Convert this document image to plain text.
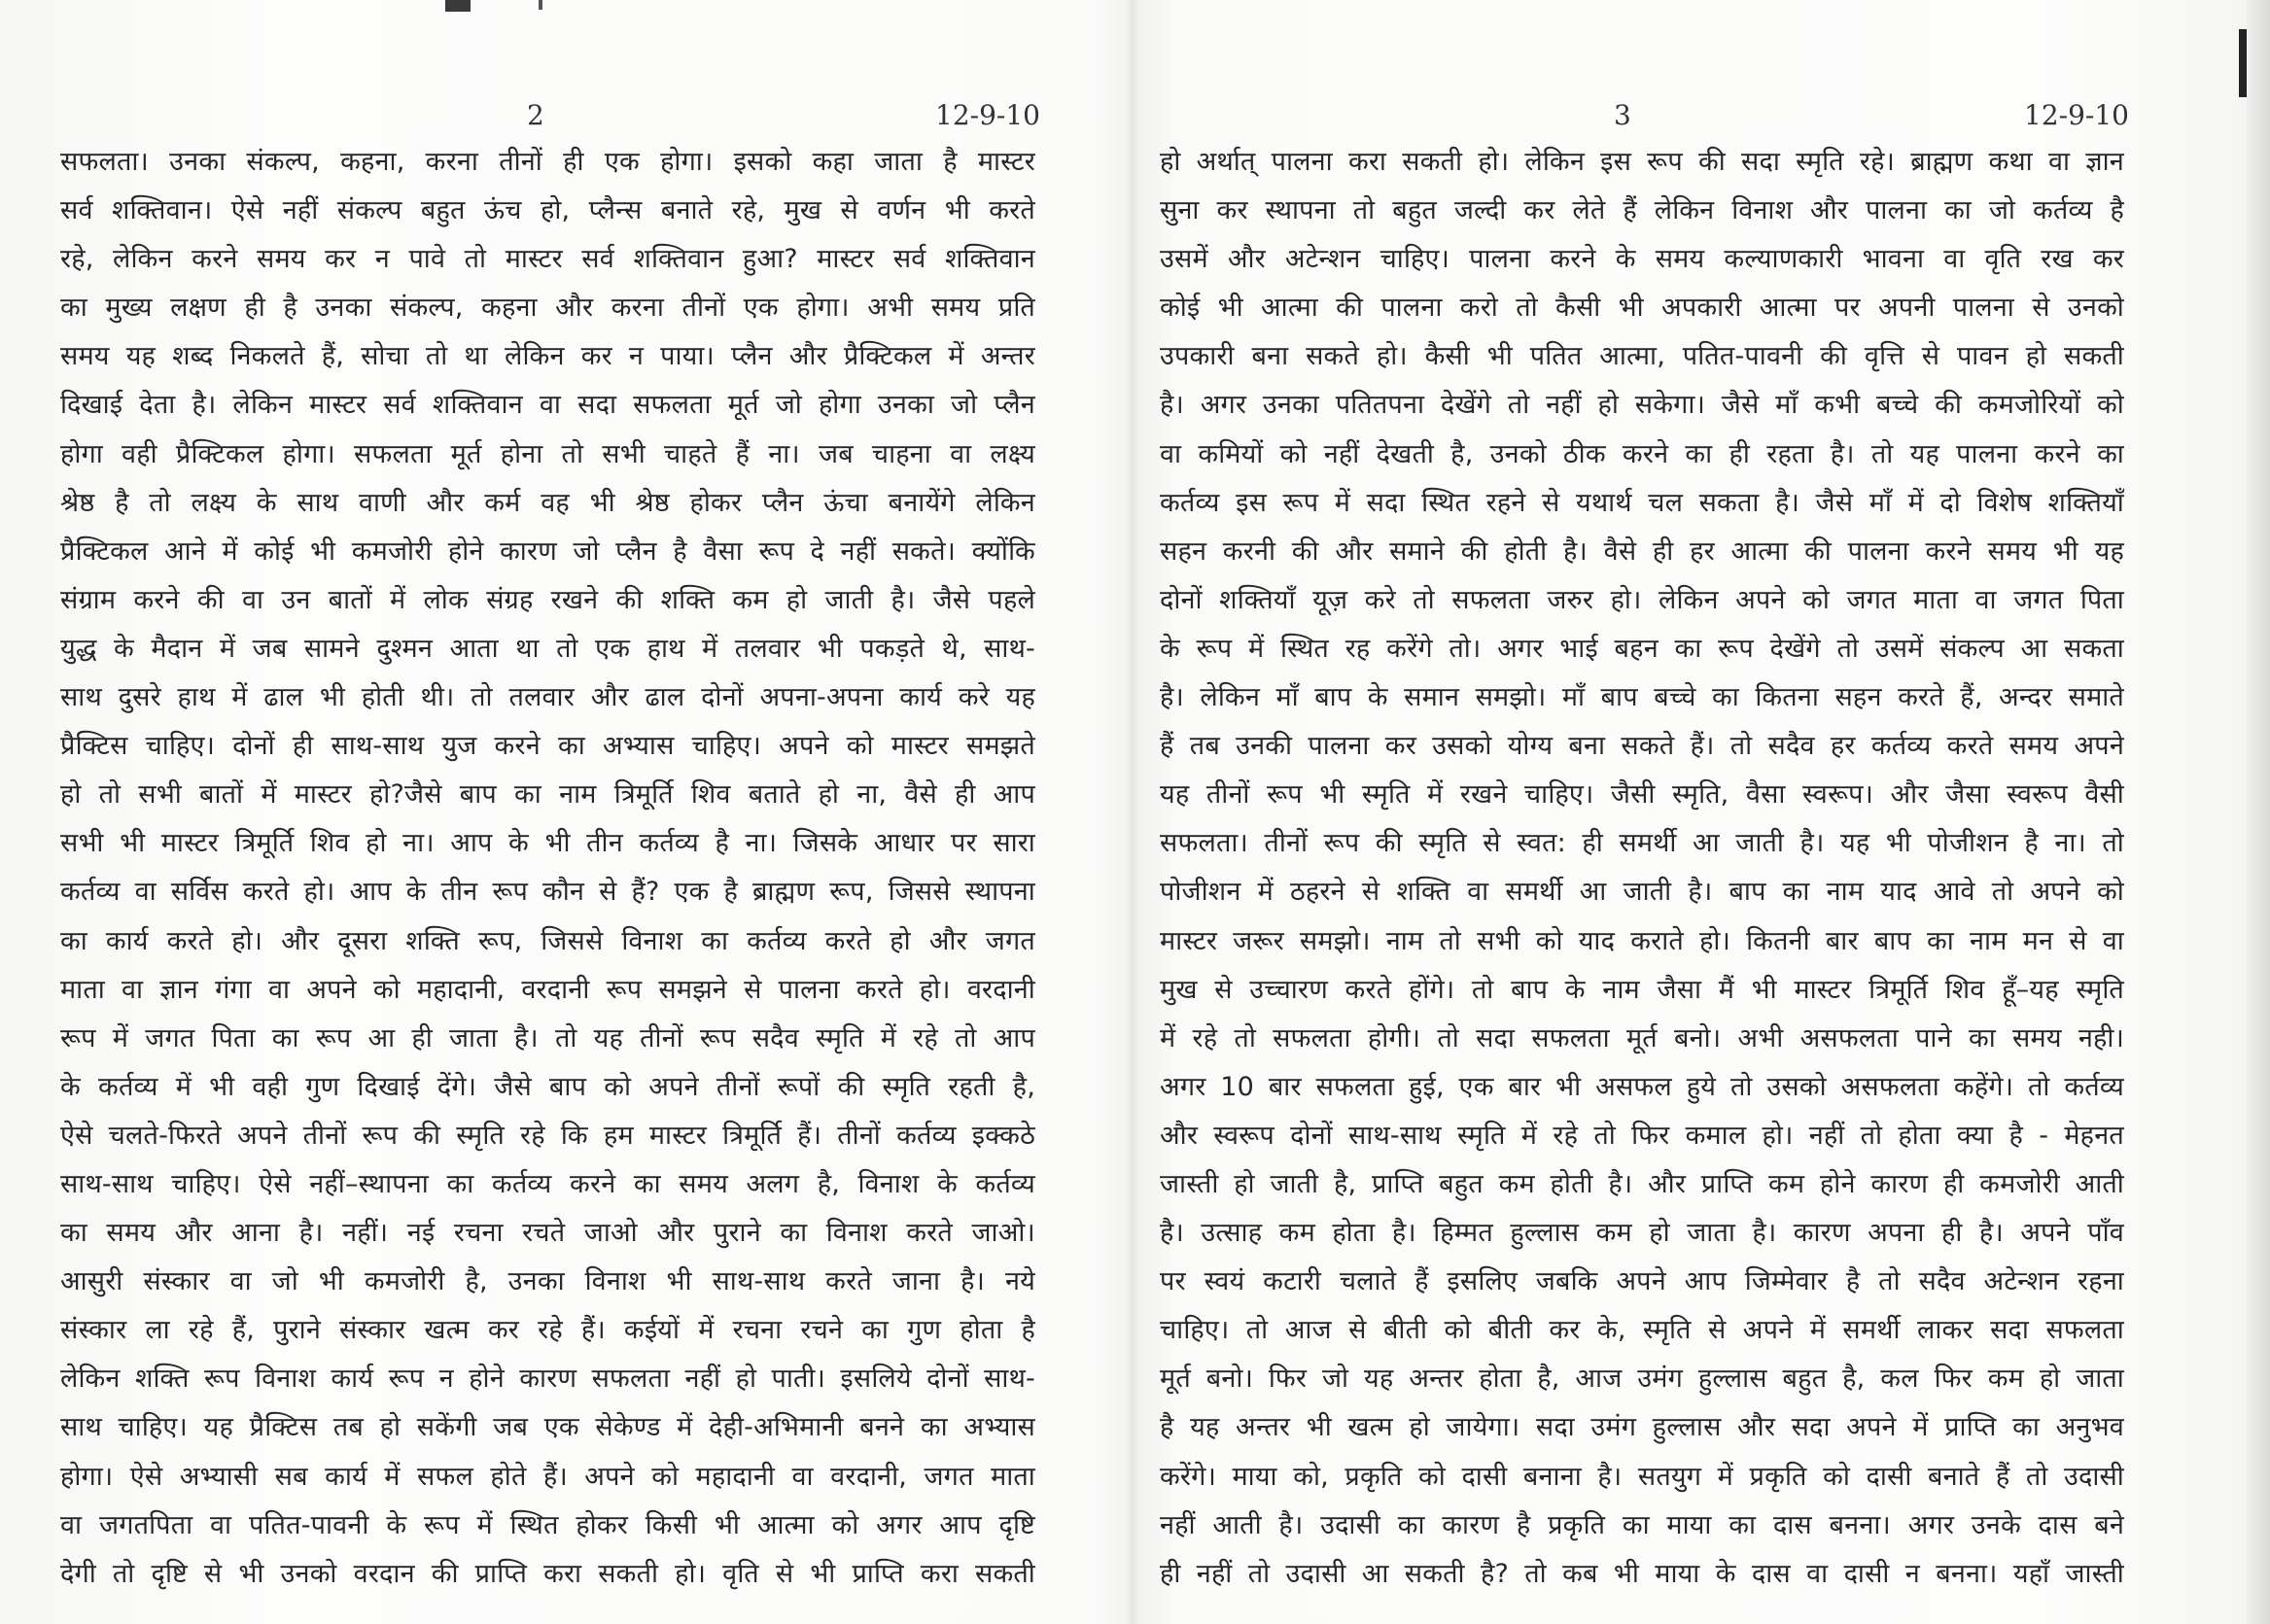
2	12-9-10
सफलता। उनका संकल्प, कहना, करना तीनों ही एक होगा। इसको कहा जाता है मास्टर
सर्व शक्तिवान। ऐसे नहीं संकल्प बहुत ऊंच हो, प्लैन्स बनाते रहे, मुख से वर्णन भी करते
रहे, लेकिन करने समय कर न पावे तो मास्टर सर्व शक्तिवान हुआ? मास्टर सर्व शक्तिवान
का मुख्य लक्षण ही है उनका संकल्प, कहना और करना तीनों एक होगा। अभी समय प्रति
समय यह शब्द निकलते हैं, सोचा तो था लेकिन कर न पाया। प्लैन और प्रैक्टिकल में अन्तर
दिखाई देता है। लेकिन मास्टर सर्व शक्तिवान वा सदा सफलता मूर्त जो होगा उनका जो प्लैन
होगा वही प्रैक्टिकल होगा। सफलता मूर्त होना तो सभी चाहते हैं ना। जब चाहना वा लक्ष्य
श्रेष्ठ है तो लक्ष्य के साथ वाणी और कर्म वह भी श्रेष्ठ होकर प्लैन ऊंचा बनायेंगे लेकिन
प्रैक्टिकल आने में कोई भी कमजोरी होने कारण जो प्लैन है वैसा रूप दे नहीं सकते। क्योंकि
संग्राम करने की वा उन बातों में लोक संग्रह रखने की शक्ति कम हो जाती है। जैसे पहले
युद्ध के मैदान में जब सामने दुश्मन आता था तो एक हाथ में तलवार भी पकड़ते थे, साथ-
साथ दुसरे हाथ में ढाल भी होती थी। तो तलवार और ढाल दोनों अपना-अपना कार्य करे यह
प्रैक्टिस चाहिए। दोनों ही साथ-साथ युज करने का अभ्यास चाहिए। अपने को मास्टर समझते
हो तो सभी बातों में मास्टर हो?जैसे बाप का नाम त्रिमूर्ति शिव बताते हो ना, वैसे ही आप
सभी भी मास्टर त्रिमूर्ति शिव हो ना। आप के भी तीन कर्तव्य है ना। जिसके आधार पर सारा
कर्तव्य वा सर्विस करते हो। आप के तीन रूप कौन से हैं? एक है ब्राह्मण रूप, जिससे स्थापना
का कार्य करते हो। और दूसरा शक्ति रूप, जिससे विनाश का कर्तव्य करते हो और जगत
माता वा ज्ञान गंगा वा अपने को महादानी, वरदानी रूप समझने से पालना करते हो। वरदानी
रूप में जगत पिता का रूप आ ही जाता है। तो यह तीनों रूप सदैव स्मृति में रहे तो आप
के कर्तव्य में भी वही गुण दिखाई देंगे। जैसे बाप को अपने तीनों रूपों की स्मृति रहती है,
ऐसे चलते-फिरते अपने तीनों रूप की स्मृति रहे कि हम मास्टर त्रिमूर्ति हैं। तीनों कर्तव्य इक्कठे
साथ-साथ चाहिए। ऐसे नहीं–स्थापना का कर्तव्य करने का समय अलग है, विनाश के कर्तव्य
का समय और आना है। नहीं। नई रचना रचते जाओ और पुराने का विनाश करते जाओ।
आसुरी संस्कार वा जो भी कमजोरी है, उनका विनाश भी साथ-साथ करते जाना है। नये
संस्कार ला रहे हैं, पुराने संस्कार खत्म कर रहे हैं। कईयों में रचना रचने का गुण होता है
लेकिन शक्ति रूप विनाश कार्य रूप न होने कारण सफलता नहीं हो पाती। इसलिये दोनों साथ-
साथ चाहिए। यह प्रैक्टिस तब हो सकेंगी जब एक सेकेण्ड में देही-अभिमानी बनने का अभ्यास
होगा। ऐसे अभ्यासी सब कार्य में सफल होते हैं। अपने को महादानी वा वरदानी, जगत माता
वा जगतपिता वा पतित-पावनी के रूप में स्थित होकर किसी भी आत्मा को अगर आप दृष्टि
देगी तो दृष्टि से भी उनको वरदान की प्राप्ति करा सकती हो। वृति से भी प्राप्ति करा सकती
3	12-9-10
हो अर्थात् पालना करा सकती हो। लेकिन इस रूप की सदा स्मृति रहे। ब्राह्मण कथा वा ज्ञान
सुना कर स्थापना तो बहुत जल्दी कर लेते हैं लेकिन विनाश और पालना का जो कर्तव्य है
उसमें और अटेन्शन चाहिए। पालना करने के समय कल्याणकारी भावना वा वृति रख कर
कोई भी आत्मा की पालना करो तो कैसी भी अपकारी आत्मा पर अपनी पालना से उनको
उपकारी बना सकते हो। कैसी भी पतित आत्मा, पतित-पावनी की वृत्ति से पावन हो सकती
है। अगर उनका पतितपना देखेंगे तो नहीं हो सकेगा। जैसे माँ कभी बच्चे की कमजोरियों को
वा कमियों को नहीं देखती है, उनको ठीक करने का ही रहता है। तो यह पालना करने का
कर्तव्य इस रूप में सदा स्थित रहने से यथार्थ चल सकता है। जैसे माँ में दो विशेष शक्तियाँ
सहन करनी की और समाने की होती है। वैसे ही हर आत्मा की पालना करने समय भी यह
दोनों शक्तियाँ यूज़ करे तो सफलता जरुर हो। लेकिन अपने को जगत माता वा जगत पिता
के रूप में स्थित रह करेंगे तो। अगर भाई बहन का रूप देखेंगे तो उसमें संकल्प आ सकता
है। लेकिन माँ बाप के समान समझो। माँ बाप बच्चे का कितना सहन करते हैं, अन्दर समाते
हैं तब उनकी पालना कर उसको योग्य बना सकते हैं। तो सदैव हर कर्तव्य करते समय अपने
यह तीनों रूप भी स्मृति में रखने चाहिए। जैसी स्मृति, वैसा स्वरूप। और जैसा स्वरूप वैसी
सफलता। तीनों रूप की स्मृति से स्वत: ही समर्थी आ जाती है। यह भी पोजीशन है ना। तो
पोजीशन में ठहरने से शक्ति वा समर्थी आ जाती है। बाप का नाम याद आवे तो अपने को
मास्टर जरूर समझो। नाम तो सभी को याद कराते हो। कितनी बार बाप का नाम मन से वा
मुख से उच्चारण करते होंगे। तो बाप के नाम जैसा मैं भी मास्टर त्रिमूर्ति शिव हूँ–यह स्मृति
में रहे तो सफलता होगी। तो सदा सफलता मूर्त बनो। अभी असफलता पाने का समय नही।
अगर 10 बार सफलता हुई, एक बार भी असफल हुये तो उसको असफलता कहेंगे। तो कर्तव्य
और स्वरूप दोनों साथ-साथ स्मृति में रहे तो फिर कमाल हो। नहीं तो होता क्या है - मेहनत
जास्ती हो जाती है, प्राप्ति बहुत कम होती है। और प्राप्ति कम होने कारण ही कमजोरी आती
है। उत्साह कम होता है। हिम्मत हुल्लास कम हो जाता है। कारण अपना ही है। अपने पाँव
पर स्वयं कटारी चलाते हैं इसलिए जबकि अपने आप जिम्मेवार है तो सदैव अटेन्शन रहना
चाहिए। तो आज से बीती को बीती कर के, स्मृति से अपने में समर्थी लाकर सदा सफलता
मूर्त बनो। फिर जो यह अन्तर होता है, आज उमंग हुल्लास बहुत है, कल फिर कम हो जाता
है यह अन्तर भी खत्म हो जायेगा। सदा उमंग हुल्लास और सदा अपने में प्राप्ति का अनुभव
करेंगे। माया को, प्रकृति को दासी बनाना है। सतयुग में प्रकृति को दासी बनाते हैं तो उदासी
नहीं आती है। उदासी का कारण है प्रकृति का माया का दास बनना। अगर उनके दास बने
ही नहीं तो उदासी आ सकती है? तो कब भी माया के दास वा दासी न बनना। यहाँ जास्ती
